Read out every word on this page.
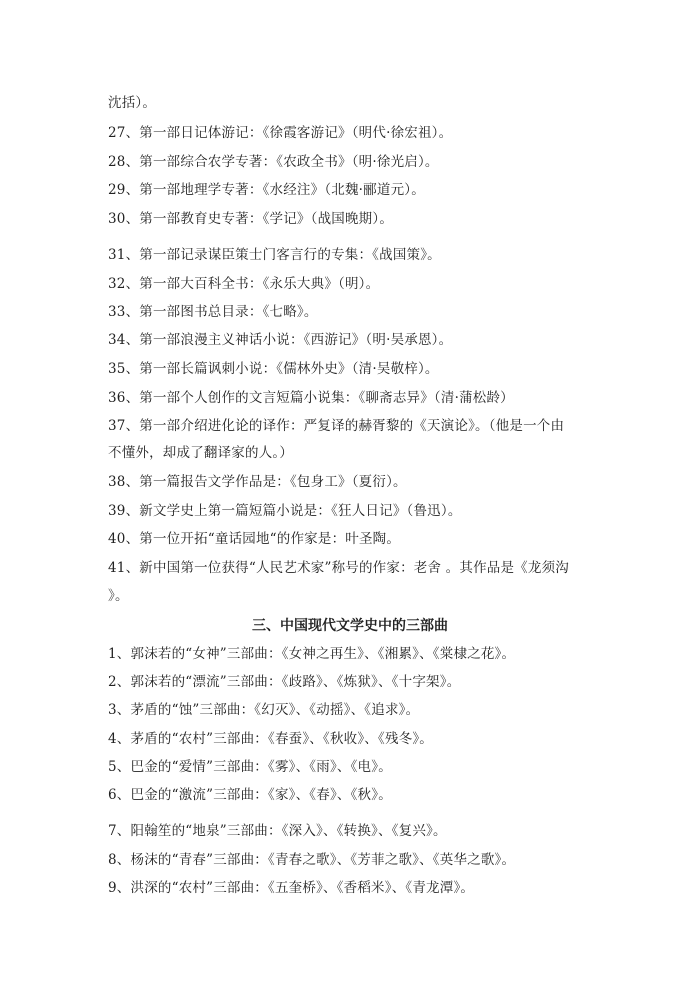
沈括）。
27、第一部日记体游记：《徐霞客游记》（明代·徐宏祖）。
28、第一部综合农学专著：《农政全书》（明·徐光启）。
29、第一部地理学专著：《水经注》（北魏·郦道元）。
30、第一部教育史专著：《学记》（战国晚期）。
31、第一部记录谋臣策士门客言行的专集：《战国策》。
32、第一部大百科全书：《永乐大典》（明）。
33、第一部图书总目录：《七略》。
34、第一部浪漫主义神话小说：《西游记》（明·吴承恩）。
35、第一部长篇讽刺小说：《儒林外史》（清·吴敬梓）。
36、第一部个人创作的文言短篇小说集：《聊斋志异》（清·蒲松龄）
37、第一部介绍进化论的译作：严复译的赫胥黎的《天演论》。（他是一个由
不懂外，却成了翻译家的人。）
38、第一篇报告文学作品是：《包身工》（夏衍）。
39、新文学史上第一篇短篇小说是：《狂人日记》（鲁迅）。
40、第一位开拓“童话园地“的作家是：叶圣陶。
41、新中国第一位获得“人民艺术家”称号的作家：老舍 。其作品是《龙须沟
》。
三、中国现代文学史中的三部曲
1、郭沫若的“女神”三部曲：《女神之再生》、《湘累》、《棠棣之花》。
2、郭沫若的“漂流”三部曲：《歧路》、《炼狱》、《十字架》。
3、茅盾的“蚀”三部曲：《幻灭》、《动摇》、《追求》。
4、茅盾的“农村”三部曲：《春蚕》、《秋收》、《残冬》。
5、巴金的“爱情”三部曲：《雾》、《雨》、《电》。
6、巴金的“激流”三部曲：《家》、《春》、《秋》。
7、阳翰笙的“地泉”三部曲：《深入》、《转换》、《复兴》。
8、杨沫的“青春”三部曲：《青春之歌》、《芳菲之歌》、《英华之歌》。
9、洪深的“农村”三部曲：《五奎桥》、《香稻米》、《青龙潭》。
